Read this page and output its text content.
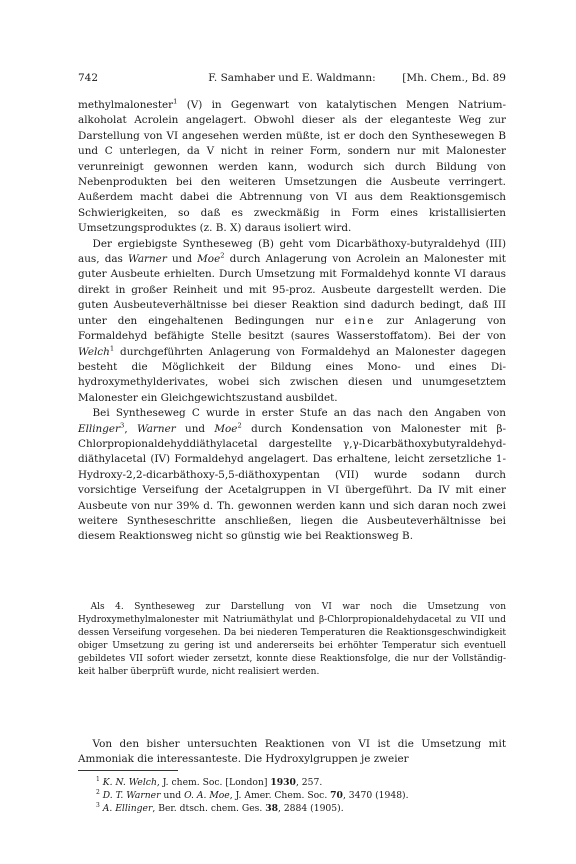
742	F. Samhaber und E. Waldmann:	[Mh. Chem., Bd. 89

methylmalonester$^1$ (V) in Gegenwart von katalytischen Mengen Natriumalkoholat Acrolein angelagert. Obwohl dieser als der eleganteste Weg zur Darstellung von VI angesehen werden müßte, ist er doch den Synthesewegen B und C unterlegen, da V nicht in reiner Form, sondern nur mit Malonester verunreinigt gewonnen werden kann, wodurch sich durch Bildung von Nebenprodukten bei den weiteren Umsetzungen die Ausbeute verringert. Außerdem macht dabei die Abtrennung von VI aus dem Reaktionsgemisch Schwierigkeiten, so daß es zweckmäßig in Form eines kristallisierten Umsetzungsproduktes (z. B. X) daraus isoliert wird.

Der ergiebigste Syntheseweg (B) geht vom Dicarbäthoxy-butyraldehyd (III) aus, das Warner und Moe$^2$ durch Anlagerung von Acrolein an Malonester mit guter Ausbeute erhielten. Durch Umsetzung mit Formaldehyd konnte VI daraus direkt in großer Reinheit und mit 95-proz. Ausbeute dargestellt werden. Die guten Ausbeuteverhältnisse bei dieser Reaktion sind dadurch bedingt, daß III unter den eingehaltenen Bedingungen nur eine zur Anlagerung von Formaldehyd befähigte Stelle besitzt (saures Wasserstoffatom). Bei der von Welch$^1$ durchgeführten Anlagerung von Formaldehyd an Malonester dagegen besteht die Möglichkeit der Bildung eines Mono- und eines Di-hydroxymethylderivates, wobei sich zwischen diesen und unumgesetztem Malonester ein Gleichgewichtszustand ausbildet.

Bei Syntheseweg C wurde in erster Stufe an das nach den Angaben von Ellinger$^3$, Warner und Moe$^2$ durch Kondensation von Malonester mit β-Chlorpropionaldehyddiäthylacetal dargestellte γ,γ-Dicarbäthoxybutyraldehyd-diäthylacetal (IV) Formaldehyd angelagert. Das erhaltene, leicht zersetzliche 1-Hydroxy-2,2-dicarbäthoxy-5,5-diäthoxypentan (VII) wurde sodann durch vorsichtige Verseifung der Acetalgruppen in VI übergeführt. Da IV mit einer Ausbeute von nur 39% d. Th. gewonnen werden kann und sich daran noch zwei weitere Syntheseschritte anschließen, liegen die Ausbeuteverhältnisse bei diesem Reaktionsweg nicht so günstig wie bei Reaktionsweg B.

Als 4. Syntheseweg zur Darstellung von VI war noch die Umsetzung von Hydroxymethylmalonester mit Natriumäthylat und β-Chlorpropionaldehydacetal zu VII und dessen Verseifung vorgesehen. Da bei niederen Temperaturen die Reaktionsgeschwindigkeit obiger Umsetzung zu gering ist und andererseits bei erhöhter Temperatur sich eventuell gebildetes VII sofort wieder zersetzt, konnte diese Reaktionsfolge, die nur der Vollständigkeit halber überprüft wurde, nicht realisiert werden.

Von den bisher untersuchten Reaktionen von VI ist die Umsetzung mit Ammoniak die interessanteste. Die Hydroxylgruppen je zweier

$^1$ K. N. Welch, J. chem. Soc. [London] 1930, 257.
$^2$ D. T. Warner und O. A. Moe, J. Amer. Chem. Soc. 70, 3470 (1948).
$^3$ A. Ellinger, Ber. dtsch. chem. Ges. 38, 2884 (1905).
